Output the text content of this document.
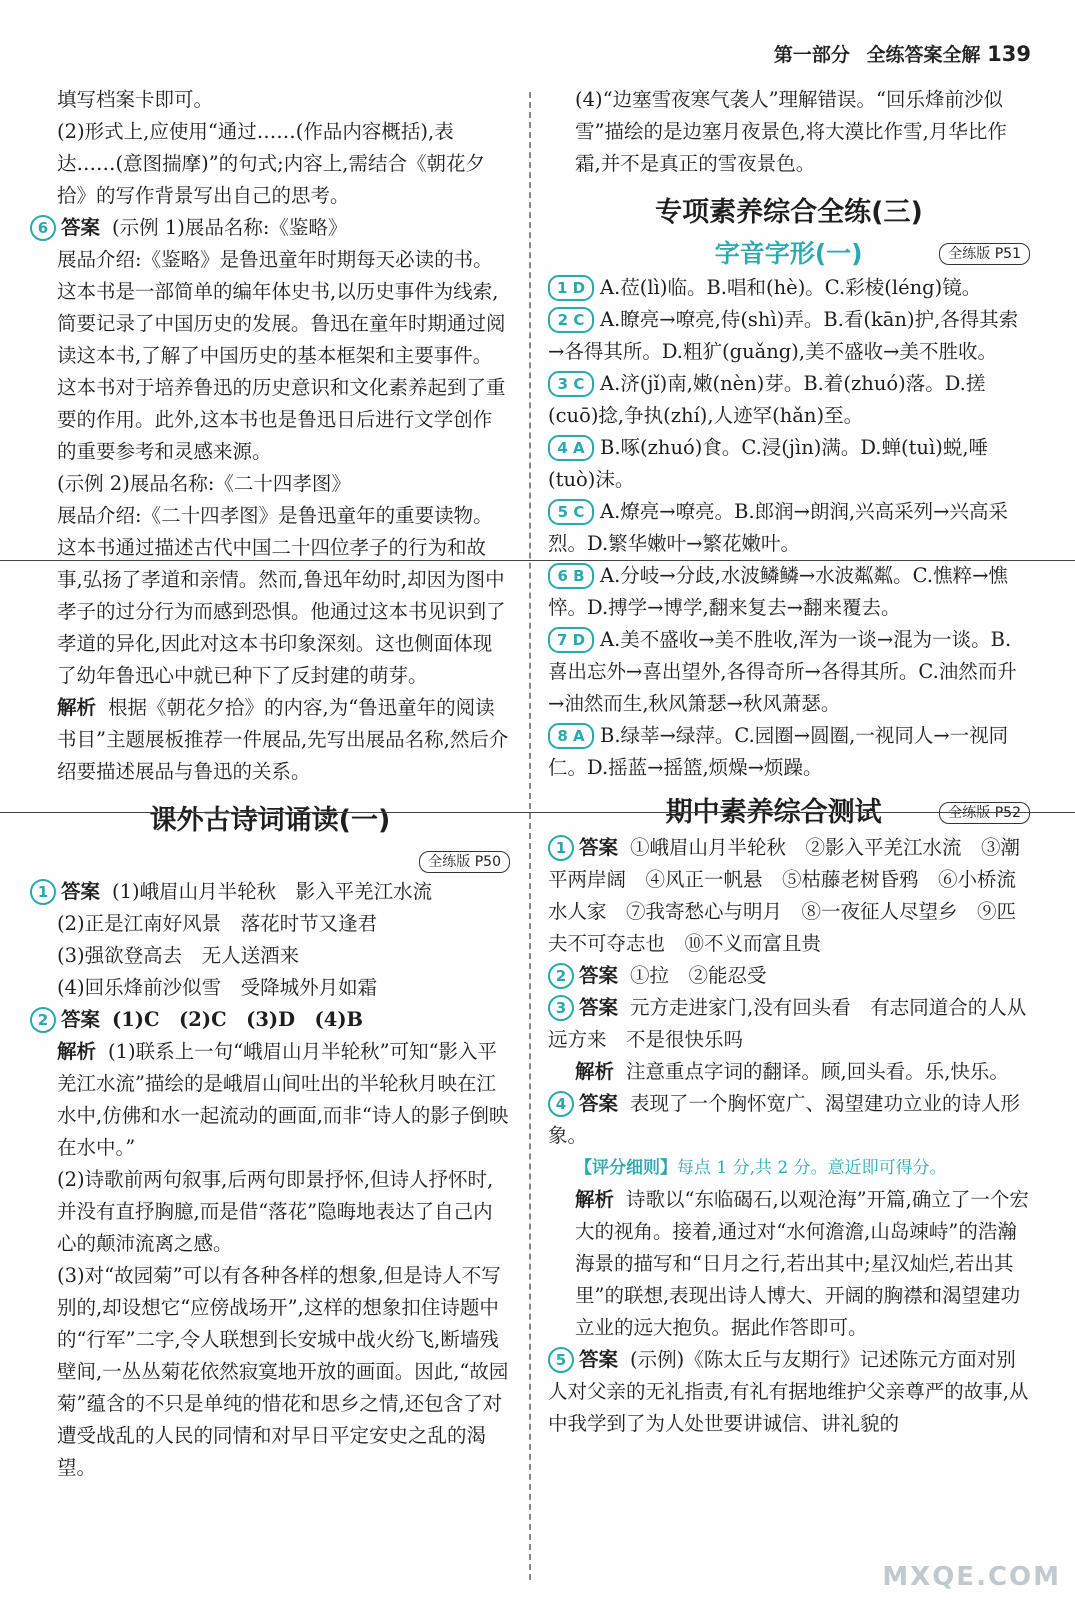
第一部分 全练答案全解 139

填写档案卡即可。

(2)形式上,应使用“通过……(作品内容概括),表达……(意图揣摩)”的句式;内容上,需结合《朝花夕拾》的写作背景写出自己的思考。

6 答案 (示例 1)展品名称:《鉴略》

展品介绍:《鉴略》是鲁迅童年时期每天必读的书。这本书是一部简单的编年体史书,以历史事件为线索,简要记录了中国历史的发展。鲁迅在童年时期通过阅读这本书,了解了中国历史的基本框架和主要事件。这本书对于培养鲁迅的历史意识和文化素养起到了重要的作用。此外,这本书也是鲁迅日后进行文学创作的重要参考和灵感来源。

(示例 2)展品名称:《二十四孝图》

展品介绍:《二十四孝图》是鲁迅童年的重要读物。这本书通过描述古代中国二十四位孝子的行为和故事,弘扬了孝道和亲情。然而,鲁迅年幼时,却因为图中孝子的过分行为而感到恐惧。他通过这本书见识到了孝道的异化,因此对这本书印象深刻。这也侧面体现了幼年鲁迅心中就已种下了反封建的萌芽。

解析 根据《朝花夕拾》的内容,为“鲁迅童年的阅读书目”主题展板推荐一件展品,先写出展品名称,然后介绍要描述展品与鲁迅的关系。

课外古诗词诵读(一)
全练版 P50

1 答案 (1)峨眉山月半轮秋　影入平羌江水流

(2)正是江南好风景　落花时节又逢君

(3)强欲登高去　无人送酒来

(4)回乐烽前沙似雪　受降城外月如霜

2 答案 (1)C　(2)C　(3)D　(4)B

解析 (1)联系上一句“峨眉山月半轮秋”可知“影入平羌江水流”描绘的是峨眉山间吐出的半轮秋月映在江水中,仿佛和水一起流动的画面,而非“诗人的影子倒映在水中。”

(2)诗歌前两句叙事,后两句即景抒怀,但诗人抒怀时,并没有直抒胸臆,而是借“落花”隐晦地表达了自己内心的颠沛流离之感。

(3)对“故园菊”可以有各种各样的想象,但是诗人不写别的,却设想它“应傍战场开”,这样的想象扣住诗题中的“行军”二字,令人联想到长安城中战火纷飞,断墙残壁间,一丛丛菊花依然寂寞地开放的画面。因此,“故园菊”蕴含的不只是单纯的惜花和思乡之情,还包含了对遭受战乱的人民的同情和对早日平定安史之乱的渴望。

(4)“边塞雪夜寒气袭人”理解错误。“回乐烽前沙似雪”描绘的是边塞月夜景色,将大漠比作雪,月华比作霜,并不是真正的雪夜景色。

专项素养综合全练(三)
字音字形(一)	全练版 P51

1 D A.莅(lì)临。B.唱和(hè)。C.彩棱(léng)镜。

2 C A.瞭亮→嘹亮,侍(shì)弄。B.看(kān)护,各得其索→各得其所。D.粗犷(guǎng),美不盛收→美不胜收。

3 C A.济(jǐ)南,嫩(nèn)芽。B.着(zhuó)落。D.搓(cuō)捻,争执(zhí),人迹罕(hǎn)至。

4 A B.啄(zhuó)食。C.浸(jìn)满。D.蝉(tuì)蜕,唾(tuò)沫。

5 C A.燎亮→嘹亮。B.郎润→朗润,兴高采列→兴高采烈。D.繁华嫩叶→繁花嫩叶。

6 B A.分岐→分歧,水波鳞鳞→水波粼粼。C.憔粹→憔悴。D.搏学→博学,翻来复去→翻来覆去。

7 D A.美不盛收→美不胜收,浑为一谈→混为一谈。B.喜出忘外→喜出望外,各得奇所→各得其所。C.油然而升→油然而生,秋风箫瑟→秋风萧瑟。

8 A B.绿莘→绿萍。C.园圈→圆圈,一视同人→一视同仁。D.摇蓝→摇篮,烦燥→烦躁。

期中素养综合测试	全练版 P52

1 答案 ①峨眉山月半轮秋　②影入平羌江水流　③潮平两岸阔　④风正一帆悬　⑤枯藤老树昏鸦　⑥小桥流水人家　⑦我寄愁心与明月　⑧一夜征人尽望乡　⑨匹夫不可夺志也　⑩不义而富且贵

2 答案 ①拉　②能忍受

3 答案 元方走进家门,没有回头看　有志同道合的人从远方来　不是很快乐吗

解析 注意重点字词的翻译。顾,回头看。乐,快乐。

4 答案 表现了一个胸怀宽广、渴望建功立业的诗人形象。

【评分细则】每点 1 分,共 2 分。意近即可得分。

解析 诗歌以“东临碣石,以观沧海”开篇,确立了一个宏大的视角。接着,通过对“水何澹澹,山岛竦峙”的浩瀚海景的描写和“日月之行,若出其中;星汉灿烂,若出其里”的联想,表现出诗人博大、开阔的胸襟和渴望建功立业的远大抱负。据此作答即可。

5 答案 (示例)《陈太丘与友期行》记述陈元方面对别人对父亲的无礼指责,有礼有据地维护父亲尊严的故事,从中我学到了为人处世要讲诚信、讲礼貌的

MXQE.COM
